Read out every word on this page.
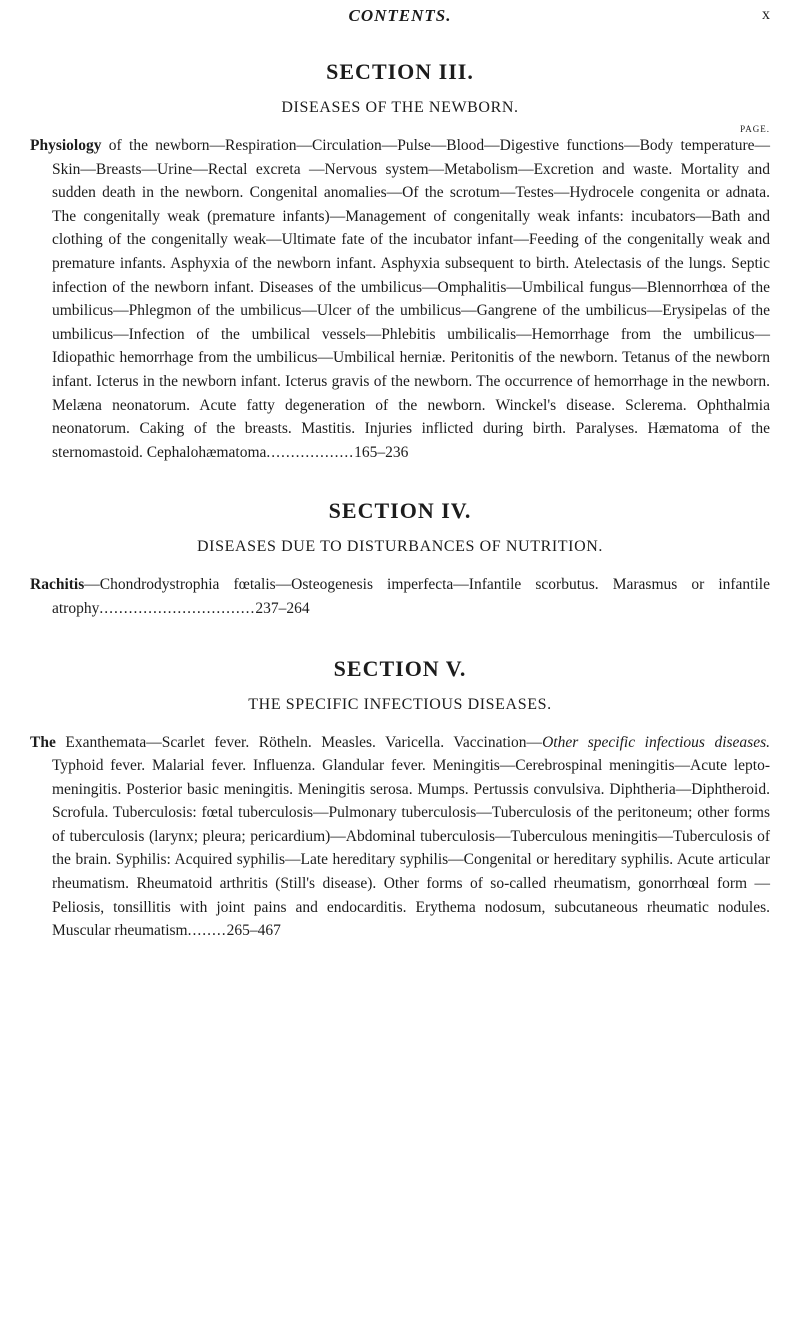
CONTENTS.	x
SECTION III.
DISEASES OF THE NEWBORN.
PAGE.

Physiology of the newborn—Respiration—Circulation—Pulse—Blood—Digestive functions—Body temperature—Skin—Breasts—Urine—Rectal excreta —Nervous system—Metabolism—Excretion and waste. Mortality and sudden death in the newborn. Congenital anomalies—Of the scrotum—Testes—Hydrocele congenita or adnata. The congenitally weak (premature infants)—Management of congenitally weak infants: incubators—Bath and clothing of the congenitally weak—Ultimate fate of the incubator infant—Feeding of the congenitally weak and premature infants. Asphyxia of the newborn infant. Asphyxia subsequent to birth. Atelectasis of the lungs. Septic infection of the newborn infant. Diseases of the umbilicus—Omphalitis—Umbilical fungus—Blennorrhœa of the umbilicus—Phlegmon of the umbilicus—Ulcer of the umbilicus—Gangrene of the umbilicus—Erysipelas of the umbilicus—Infection of the umbilical vessels—Phlebitis umbilicalis—Hemorrhage from the umbilicus—Idiopathic hemorrhage from the umbilicus—Umbilical herniæ. Peritonitis of the newborn. Tetanus of the newborn infant. Icterus in the newborn infant. Icterus gravis of the newborn. The occurrence of hemorrhage in the newborn. Melæna neonatorum. Acute fatty degeneration of the newborn. Winckel's disease. Sclerema. Ophthalmia neonatorum. Caking of the breasts. Mastitis. Injuries inflicted during birth. Paralyses. Hæmatoma of the sternomastoid. Cephalohæmatoma..................165–236

SECTION IV.
DISEASES DUE TO DISTURBANCES OF NUTRITION.

Rachitis—Chondrodystrophia fœtalis—Osteogenesis imperfecta—Infantile scorbutus. Marasmus or infantile atrophy................................237–264

SECTION V.
THE SPECIFIC INFECTIOUS DISEASES.

The Exanthemata—Scarlet fever. Rötheln. Measles. Varicella. Vaccination—Other specific infectious diseases. Typhoid fever. Malarial fever. Influenza. Glandular fever. Meningitis—Cerebrospinal meningitis—Acute lepto-meningitis. Posterior basic meningitis. Meningitis serosa. Mumps. Pertussis convulsiva. Diphtheria—Diphtheroid. Scrofula. Tuberculosis: fœtal tuberculosis—Pulmonary tuberculosis—Tuberculosis of the peritoneum; other forms of tuberculosis (larynx; pleura; pericardium)—Abdominal tuberculosis—Tuberculous meningitis—Tuberculosis of the brain. Syphilis: Acquired syphilis—Late hereditary syphilis—Congenital or hereditary syphilis. Acute articular rheumatism. Rheumatoid arthritis (Still's disease). Other forms of so-called rheumatism, gonorrhœal form —Peliosis, tonsillitis with joint pains and endocarditis. Erythema nodosum, subcutaneous rheumatic nodules. Muscular rheumatism........265–467
